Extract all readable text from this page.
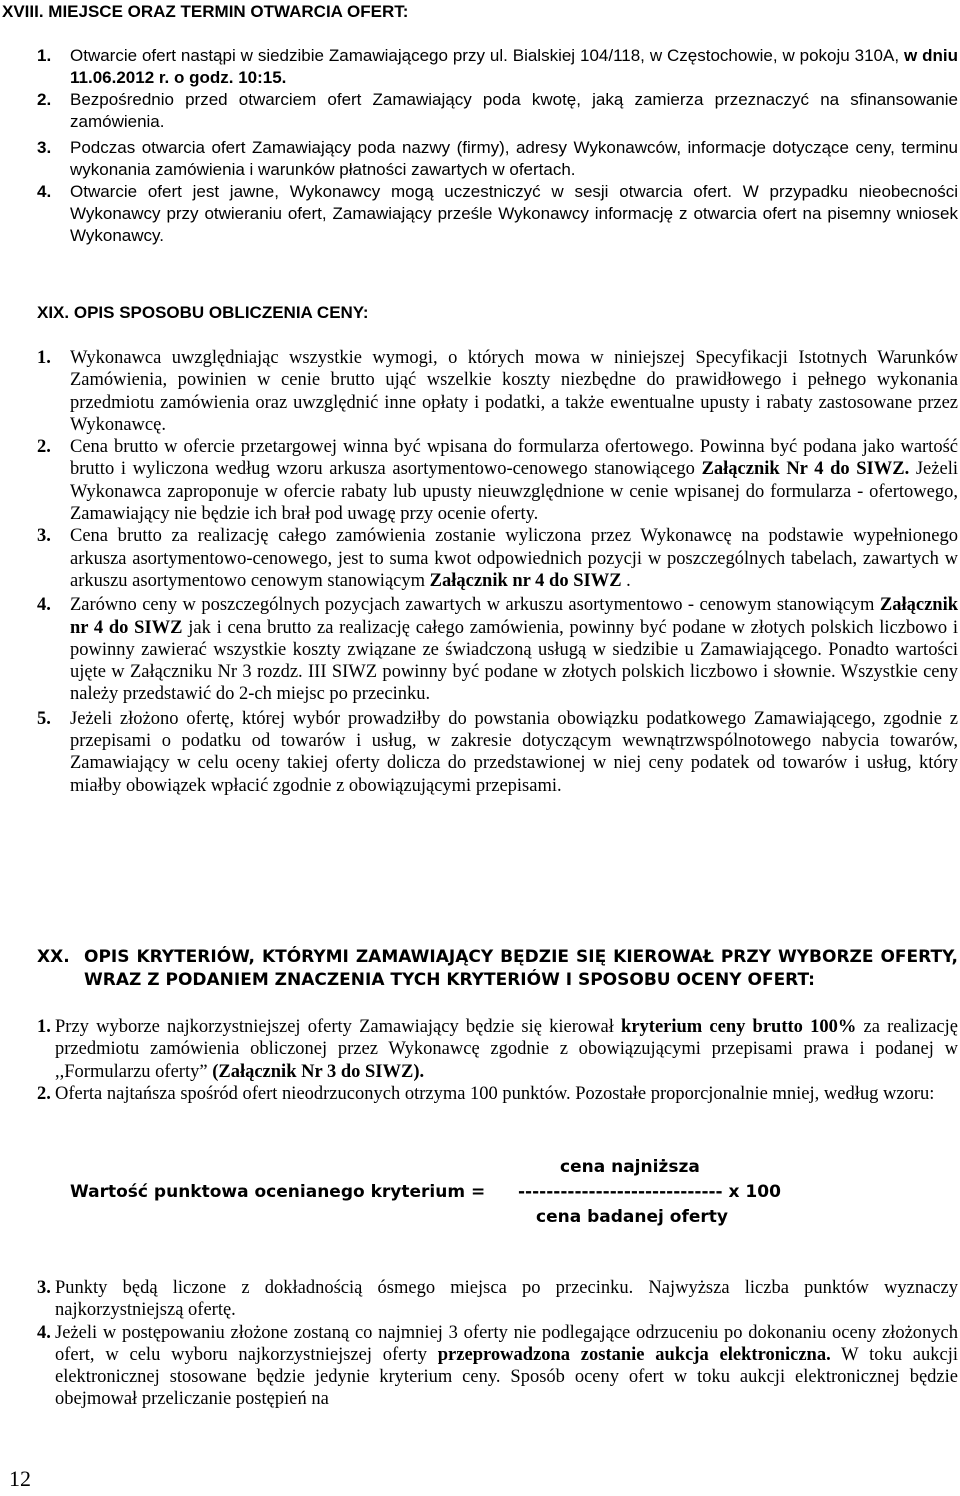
XVIII. MIEJSCE ORAZ TERMIN OTWARCIA OFERT:
1. Otwarcie ofert nastąpi w siedzibie Zamawiającego przy ul. Bialskiej 104/118, w Częstochowie, w pokoju 310A, w dniu 11.06.2012 r. o godz. 10:15.
2. Bezpośrednio przed otwarciem ofert Zamawiający poda kwotę, jaką zamierza przeznaczyć na sfinansowanie zamówienia.
3. Podczas otwarcia ofert Zamawiający poda nazwy (firmy), adresy Wykonawców, informacje dotyczące ceny, terminu wykonania zamówienia i warunków płatności zawartych w ofertach.
4. Otwarcie ofert jest jawne, Wykonawcy mogą uczestniczyć w sesji otwarcia ofert. W przypadku nieobecności Wykonawcy przy otwieraniu ofert, Zamawiający prześle Wykonawcy informację z otwarcia ofert na pisemny wniosek Wykonawcy.
XIX. OPIS SPOSOBU OBLICZENIA CENY:
1. Wykonawca uwzględniając wszystkie wymogi, o których mowa w niniejszej Specyfikacji Istotnych Warunków Zamówienia, powinien w cenie brutto ująć wszelkie koszty niezbędne do prawidłowego i pełnego wykonania przedmiotu zamówienia oraz uwzględnić inne opłaty i podatki, a także ewentualne upusty i rabaty zastosowane przez Wykonawcę.
2. Cena brutto w ofercie przetargowej winna być wpisana do formularza ofertowego. Powinna być podana jako wartość brutto i wyliczona według wzoru arkusza asortymentowo-cenowego stanowiącego Załącznik Nr 4 do SIWZ. Jeżeli Wykonawca zaproponuje w ofercie rabaty lub upusty nieuwzględnione w cenie wpisanej do formularza - ofertowego, Zamawiający nie będzie ich brał pod uwagę przy ocenie oferty.
3. Cena brutto za realizację całego zamówienia zostanie wyliczona przez Wykonawcę na podstawie wypełnionego arkusza asortymentowo-cenowego, jest to suma kwot odpowiednich pozycji w poszczególnych tabelach, zawartych w arkuszu asortymentowo cenowym stanowiącym Załącznik nr 4 do SIWZ .
4. Zarówno ceny w poszczególnych pozycjach zawartych w arkuszu asortymentowo - cenowym stanowiącym Załącznik nr 4 do SIWZ jak i cena brutto za realizację całego zamówienia, powinny być podane w złotych polskich liczbowo i powinny zawierać wszystkie koszty związane ze świadczoną usługą w siedzibie u Zamawiającego. Ponadto wartości ujęte w Załączniku Nr 3 rozdz. III SIWZ powinny być podane w złotych polskich liczbowo i słownie. Wszystkie ceny należy przedstawić do 2-ch miejsc po przecinku.
5. Jeżeli złożono ofertę, której wybór prowadziłby do powstania obowiązku podatkowego Zamawiającego, zgodnie z przepisami o podatku od towarów i usług, w zakresie dotyczącym wewnątrzwspólnotowego nabycia towarów, Zamawiający w celu oceny takiej oferty dolicza do przedstawionej w niej ceny podatek od towarów i usług, który miałby obowiązek wpłacić zgodnie z obowiązującymi przepisami.
XX. OPIS KRYTERIÓW, KTÓRYMI ZAMAWIAJĄCY BĘDZIE SIĘ KIEROWAŁ PRZY WYBORZE OFERTY, WRAZ Z PODANIEM ZNACZENIA TYCH KRYTERIÓW I SPOSOBU OCENY OFERT:
1. Przy wyborze najkorzystniejszej oferty Zamawiający będzie się kierował kryterium ceny brutto 100% za realizację przedmiotu zamówienia obliczonej przez Wykonawcę zgodnie z obowiązującymi przepisami prawa i podanej w ,,Formularzu oferty” (Załącznik Nr 3 do SIWZ).
2. Oferta najtańsza spośród ofert nieodrzuconych otrzyma 100 punktów. Pozostałe proporcjonalnie mniej, według wzoru:
cena najniższa
Wartość punktowa ocenianego kryterium = ----------------------------- x 100
cena badanej oferty
3. Punkty będą liczone z dokładnością ósmego miejsca po przecinku. Najwyższa liczba punktów wyznaczy najkorzystniejszą ofertę.
4. Jeżeli w postępowaniu złożone zostaną co najmniej 3 oferty nie podlegające odrzuceniu po dokonaniu oceny złożonych ofert, w celu wyboru najkorzystniejszej oferty przeprowadzona zostanie aukcja elektroniczna. W toku aukcji elektronicznej stosowane będzie jedynie kryterium ceny. Sposób oceny ofert w toku aukcji elektronicznej będzie obejmował przeliczanie postępień na
12
